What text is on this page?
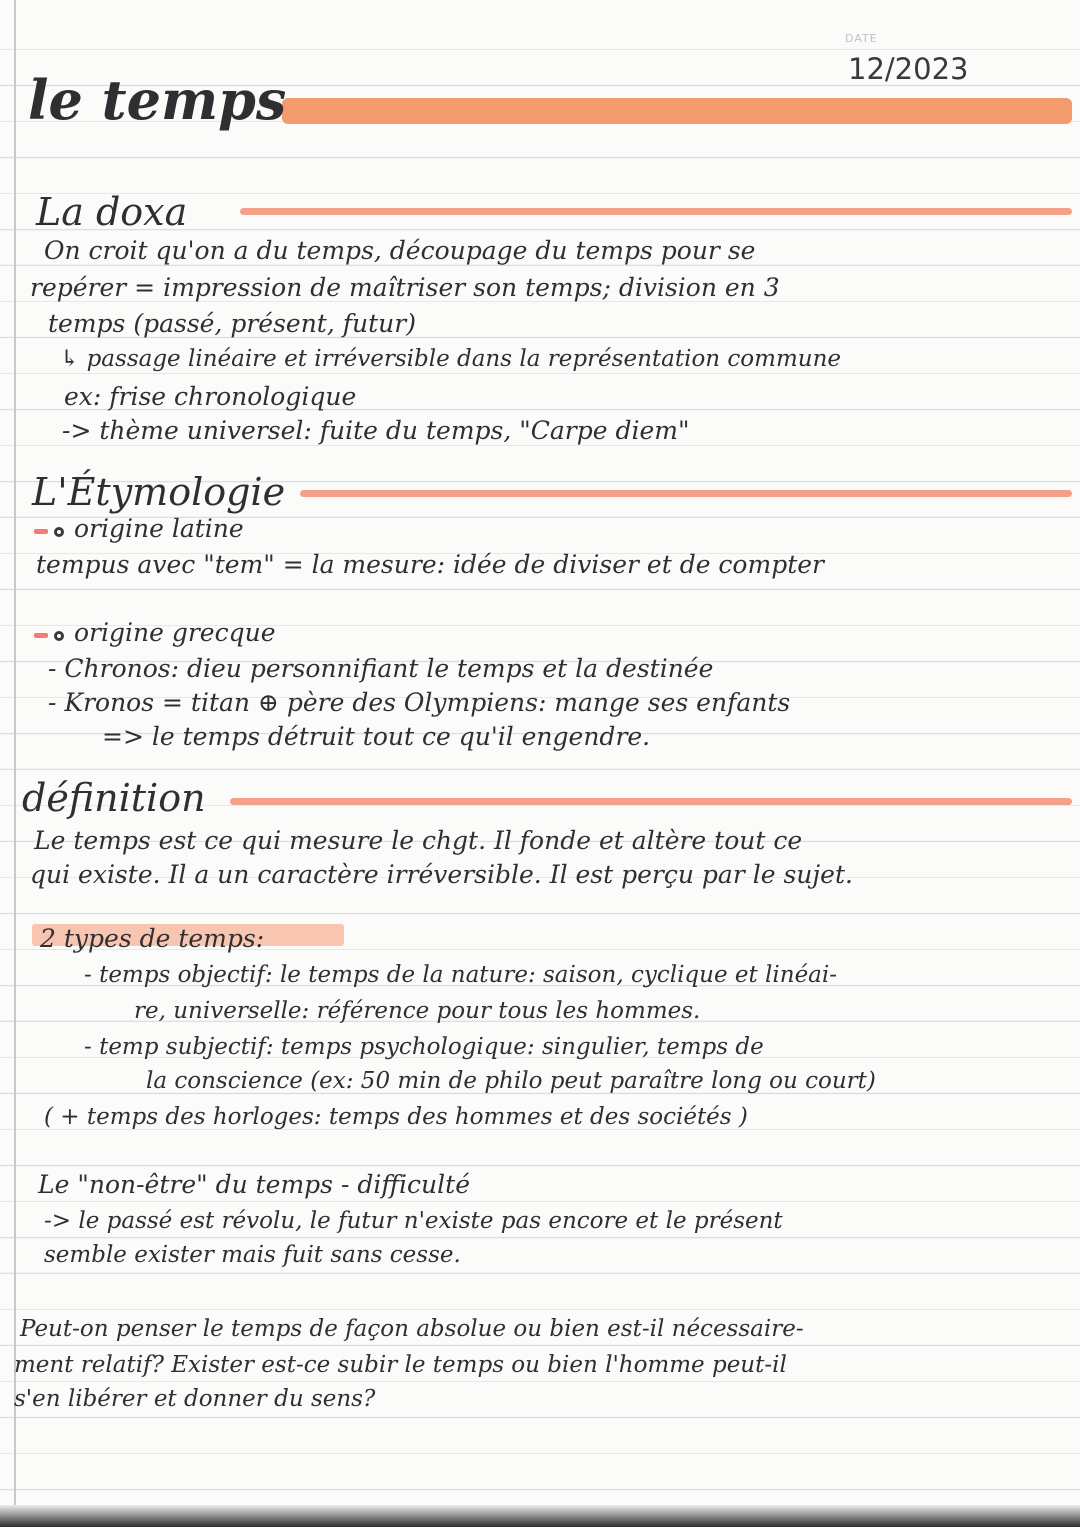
DATE
12/2023
le temps
La doxa
On croit qu'on a du temps, découpage du temps pour se
repérer = impression de maîtriser son temps; division en 3
temps (passé, présent, futur)
↳ passage linéaire et irréversible dans la représentation commune
ex: frise chronologique
-> thème universel: fuite du temps, "Carpe diem"
L'Étymologie
origine latine
tempus avec "tem" = la mesure: idée de diviser et de compter
origine grecque
- Chronos: dieu personnifiant le temps et la destinée
- Kronos = titan ⊕ père des Olympiens: mange ses enfants
=> le temps détruit tout ce qu'il engendre.
définition
Le temps est ce qui mesure le chgt. Il fonde et altère tout ce
qui existe. Il a un caractère irréversible. Il est perçu par le sujet.
2 types de temps:
- temps objectif: le temps de la nature: saison, cyclique et linéai-
re, universelle: référence pour tous les hommes.
- temp subjectif: temps psychologique: singulier, temps de
la conscience (ex: 50 min de philo peut paraître long ou court)
( + temps des horloges: temps des hommes et des sociétés )
Le "non-être" du temps - difficulté
-> le passé est révolu, le futur n'existe pas encore et le présent
semble exister mais fuit sans cesse.
Peut-on penser le temps de façon absolue ou bien est-il nécessaire-
ment relatif? Exister est-ce subir le temps ou bien l'homme peut-il
s'en libérer et donner du sens?
